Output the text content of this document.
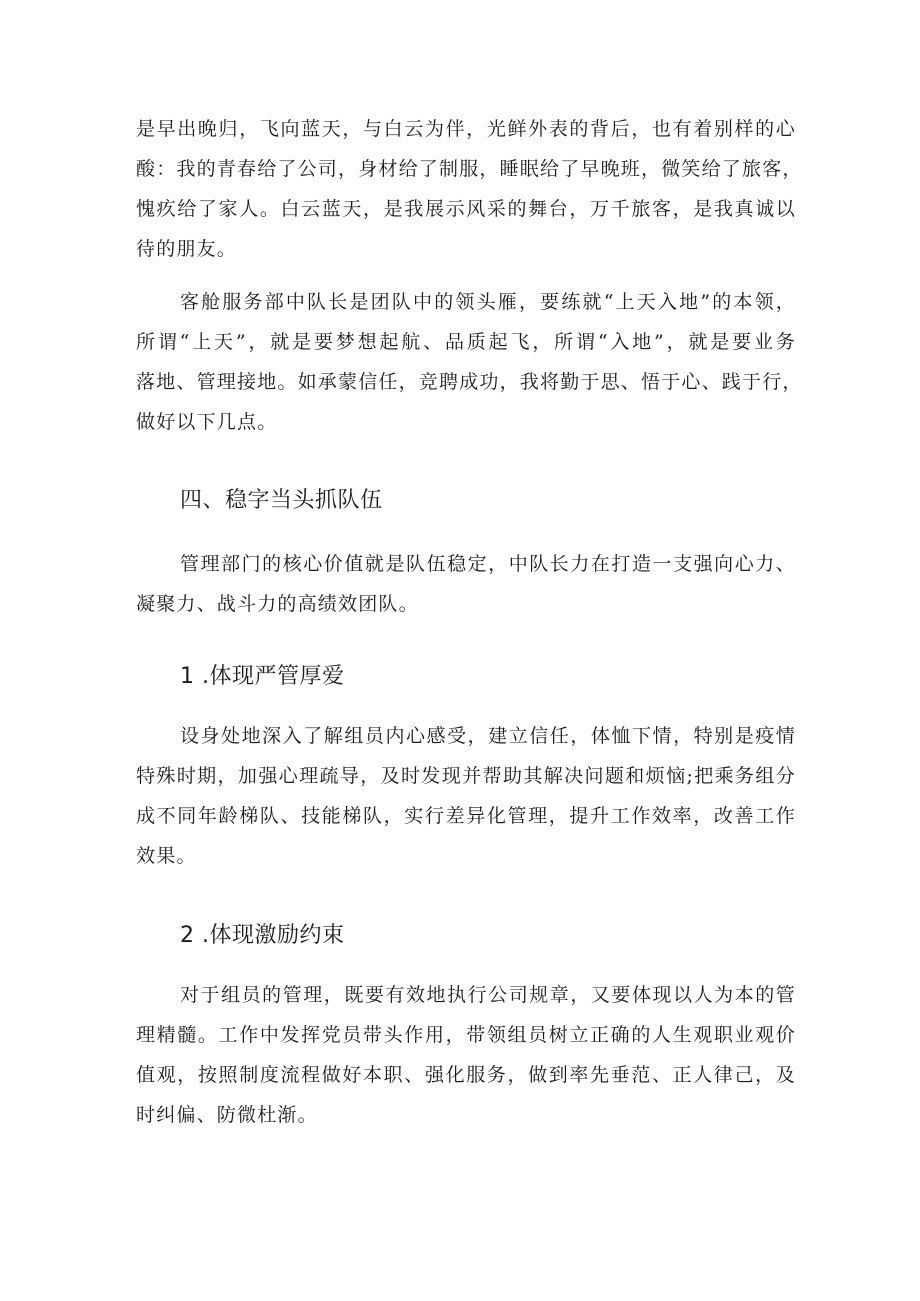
是早出晚归，飞向蓝天，与白云为伴，光鲜外表的背后，也有着别样的心
酸：我的青春给了公司，身材给了制服，睡眠给了早晚班，微笑给了旅客，
愧疚给了家人。白云蓝天，是我展示风采的舞台，万千旅客，是我真诚以
待的朋友。
客舱服务部中队长是团队中的领头雁，要练就“上天入地”的本领，
所谓“上天”，就是要梦想起航、品质起飞，所谓“入地”，就是要业务
落地、管理接地。如承蒙信任，竞聘成功，我将勤于思、悟于心、践于行，
做好以下几点。
四、稳字当头抓队伍
管理部门的核心价值就是队伍稳定，中队长力在打造一支强向心力、
凝聚力、战斗力的高绩效团队。
1 .体现严管厚爱
设身处地深入了解组员内心感受，建立信任，体恤下情，特别是疫情
特殊时期，加强心理疏导，及时发现并帮助其解决问题和烦恼;把乘务组分
成不同年龄梯队、技能梯队，实行差异化管理，提升工作效率，改善工作
效果。
2 .体现激励约束
对于组员的管理，既要有效地执行公司规章，又要体现以人为本的管
理精髓。工作中发挥党员带头作用，带领组员树立正确的人生观职业观价
值观，按照制度流程做好本职、强化服务，做到率先垂范、正人律己，及
时纠偏、防微杜渐。
